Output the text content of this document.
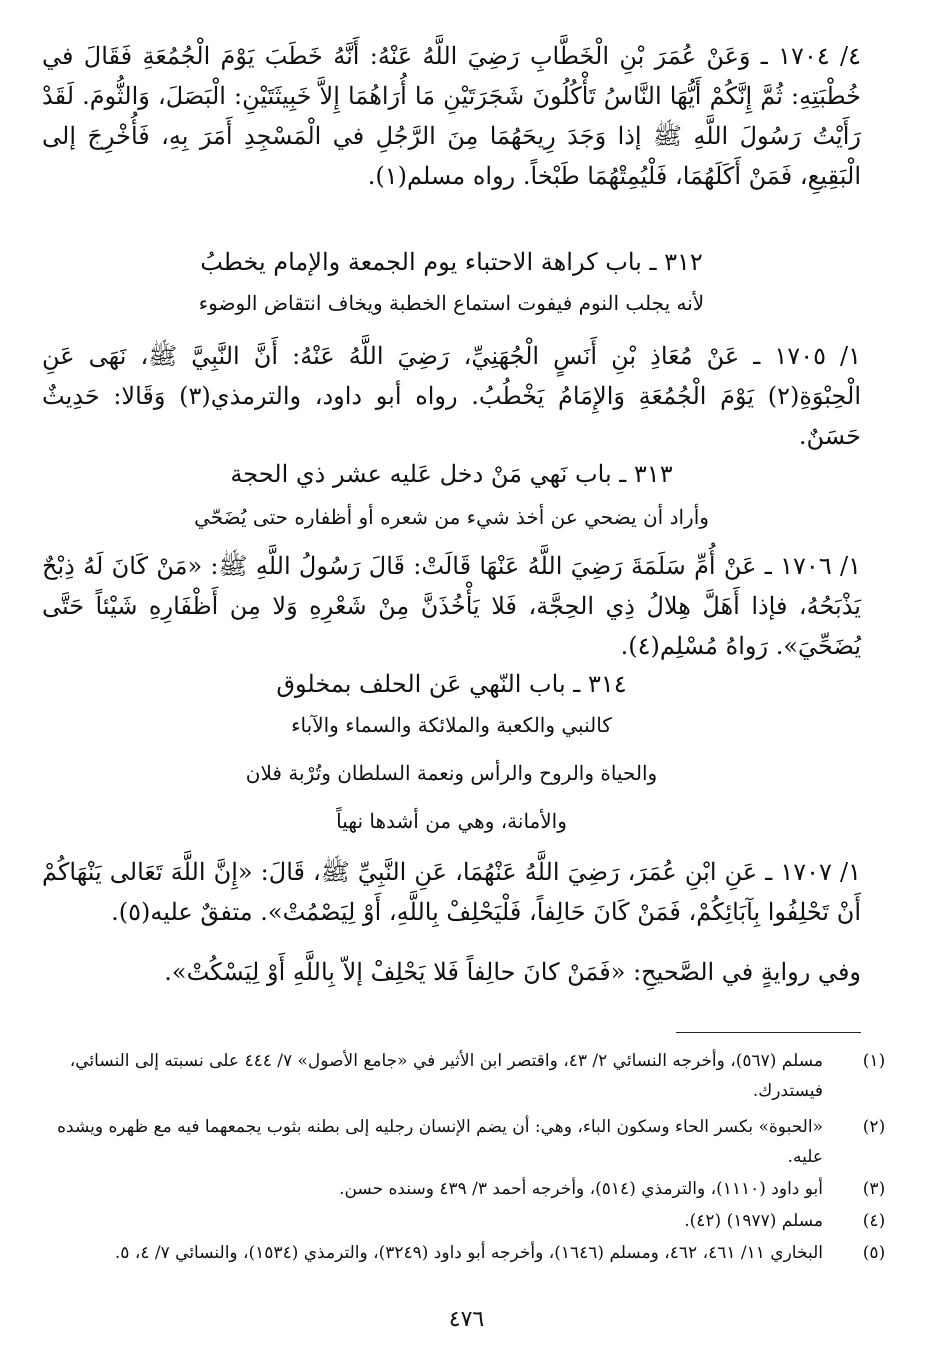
٤/ ١٧٠٤ ـ وَعَنْ عُمَرَ بْنِ الْخَطَّابِ رَضِيَ اللَّهُ عَنْهُ: أَنَّهُ خَطَبَ يَوْمَ الْجُمُعَةِ فَقَالَ في خُطْبَتِهِ: ثُمَّ إِنَّكُمْ أَيُّهَا النَّاسُ تَأْكُلُونَ شَجَرَتَيْنِ مَا أُرَاهُمَا إِلاَّ خَبِيثَتَيْنِ: الْبَصَلَ، وَالثُّومَ. لَقَدْ رَأَيْتُ رَسُولَ اللَّهِ ﷺ إذا وَجَدَ رِيحَهُمَا مِنَ الرَّجُلِ في الْمَسْجِدِ أَمَرَ بِهِ، فَأُخْرِجَ إلى الْبَقِيعِ، فَمَنْ أَكَلَهُمَا، فَلْيُمِتْهُمَا طَبْخاً. رواه مسلم(١).

٣١٢ ـ باب كراهة الاحتباء يوم الجمعة والإمام يخطبُ
لأنه يجلب النوم فيفوت استماع الخطبة ويخاف انتقاض الوضوء

١/ ١٧٠٥ ـ عَنْ مُعَاذِ بْنِ أَنَسٍ الْجُهَنِيِّ، رَضِيَ اللَّهُ عَنْهُ: أَنَّ النَّبِيَّ ﷺ، نَهَى عَنِ الْحِبْوَةِ(٢) يَوْمَ الْجُمُعَةِ وَالإِمَامُ يَخْطُبُ. رواه أبو داود، والترمذي(٣) وَقَالا: حَدِيثٌ حَسَنٌ.

٣١٣ ـ باب نَهي مَنْ دخل عَليه عشر ذي الحجة
وأراد أن يضحي عن أخذ شيء من شعره أو أظفاره حتى يُضَحّي

١/ ١٧٠٦ ـ عَنْ أُمِّ سَلَمَةَ رَضِيَ اللَّهُ عَنْهَا قَالَتْ: قَالَ رَسُولُ اللَّهِ ﷺ: «مَنْ كَانَ لَهُ ذِبْحٌ يَذْبَحُهُ، فإذا أَهَلَّ هِلالُ ذِي الحِجَّة، فَلا يَأْخُذَنَّ مِنْ شَعْرِهِ وَلا مِن أَظْفَارِهِ شَيْئاً حَتَّى يُضَحِّيَ». رَواهُ مُسْلِم(٤).

٣١٤ ـ باب النّهي عَن الحلف بمخلوق
كالنبي والكعبة والملائكة والسماء والآباء
والحياة والروح والرأس ونعمة السلطان وتُرْبة فلان
والأمانة، وهي من أشدها نهياً

١/ ١٧٠٧ ـ عَنِ ابْنِ عُمَرَ، رَضِيَ اللَّهُ عَنْهُمَا، عَنِ النَّبِيِّ ﷺ، قَالَ: «إِنَّ اللَّهَ تَعَالى يَنْهَاكُمْ أَنْ تَحْلِفُوا بِآبَائِكُمْ، فَمَنْ كَانَ حَالِفاً، فَلْيَحْلِفْ بِاللَّهِ، أَوْ لِيَصْمُتْ». متفقٌ عليه(٥).

وفي روايةٍ في الصَّحيحِ: «فَمَنْ كانَ حالِفاً فَلا يَحْلِفْ إلاّ بِاللَّهِ أَوْ لِيَسْكُتْ».

(١)
مسلم (٥٦٧)، وأخرجه النسائي ٢/ ٤٣، واقتصر ابن الأثير في «جامع الأصول» ٧/ ٤٤٤ على نسبته إلى النسائي، فيستدرك.
(٢)
«الحبوة» بكسر الحاء وسكون الباء، وهي: أن يضم الإنسان رجليه إلى بطنه بثوب يجمعهما فيه مع ظهره ويشده عليه.
(٣)
أبو داود (١١١٠)، والترمذي (٥١٤)، وأخرجه أحمد ٣/ ٤٣٩ وسنده حسن.
(٤)
مسلم (١٩٧٧) (٤٢).
(٥)
البخاري ١١/ ٤٦١، ٤٦٢، ومسلم (١٦٤٦)، وأخرجه أبو داود (٣٢٤٩)، والترمذي (١٥٣٤)، والنسائي ٧/ ٤، ٥.
٤٧٦
